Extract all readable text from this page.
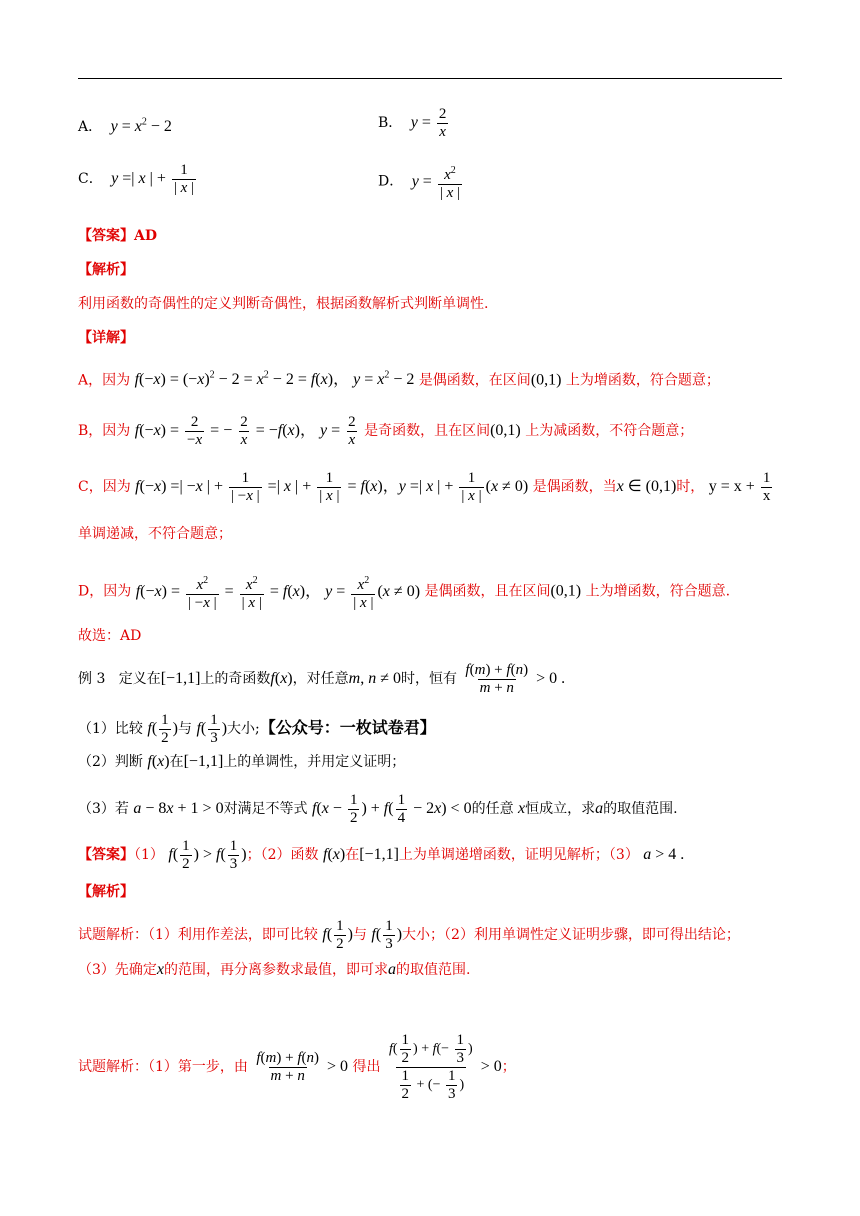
A． $y = x^2 - 2$	B． $y = \frac{2}{x}$
C． y =| x | + $\frac{1}{| x |}$	D． $y = \frac{x^2}{| x |}$
【答案】AD
【解析】
利用函数的奇偶性的定义判断奇偶性，根据函数解析式判断单调性.
【详解】
A，因为 $f(-x) = (-x)^2 - 2 = x^2 - 2 = f(x)$， $y = x^2 - 2$ 是偶函数，在区间(0,1) 上为增函数，符合题意；
B，因为 $f(-x) = \frac{2}{-x}$ = − $\frac{2}{x} = -f(x)$， $y = \frac{2}{x}$ 是奇函数，且在区间(0,1) 上为减函数，不符合题意；
C，因为 f(−x) =| −x | + $\frac{1}{| -x |}$ =| x | + $\frac{1}{| x |} = f(x)$，y =| x | + $\frac{1}{| x |} (x \ne 0)$ 是偶函数，当x ∈ (0,1)时， $y = x + \frac{1}{x}$
单调递减，不符合题意；
D，因为 $f(-x) = \frac{x^2}{| -x |} = \frac{x^2}{| x |} = f(x)$， $y = \frac{x^2}{| x |} (x \ne 0)$ 是偶函数，且在区间(0,1) 上为增函数，符合题意.
故选：AD
例 3 定义在[−1,1]上的奇函数f(x)，对任意m, n ≠ 0时，恒有 $\frac{f(m) + f(n)}{m + n} > 0$ .
（1）比较 $f( \frac{1}{2}$ )与 $f( \frac{1}{3}$ )大小;【公众号：一枚试卷君】
（2）判断 f(x)在[−1,1]上的单调性，并用定义证明；
（3）若 a − 8x + 1 > 0对满足不等式 $f(x - \frac{1}{2}$ ) + $f( \frac{1}{4} - 2x) < 0$的任意 x恒成立，求a的取值范围.
【答案】（1） $f( \frac{1}{2}$ ) > $f( \frac{1}{3}$ )；（2）函数 f(x)在[−1,1]上为单调递增函数，证明见解析；（3） a > 4 .
【解析】
试题解析：（1）利用作差法，即可比较 $f( \frac{1}{2}$ )与 $f( \frac{1}{3}$ )大小；（2）利用单调性定义证明步骤，即可得出结论；
（3）先确定x的范围，再分离参数求最值，即可求a的取值范围.
试题解析：（1）第一步，由 $\frac{f(m) + f(n)}{m + n} > 0$ 得出 $\frac{f( \frac{1}{2} ) + f(- \frac{1}{3} )}{\frac{1}{2} + (- \frac{1}{3} )} > 0$；
